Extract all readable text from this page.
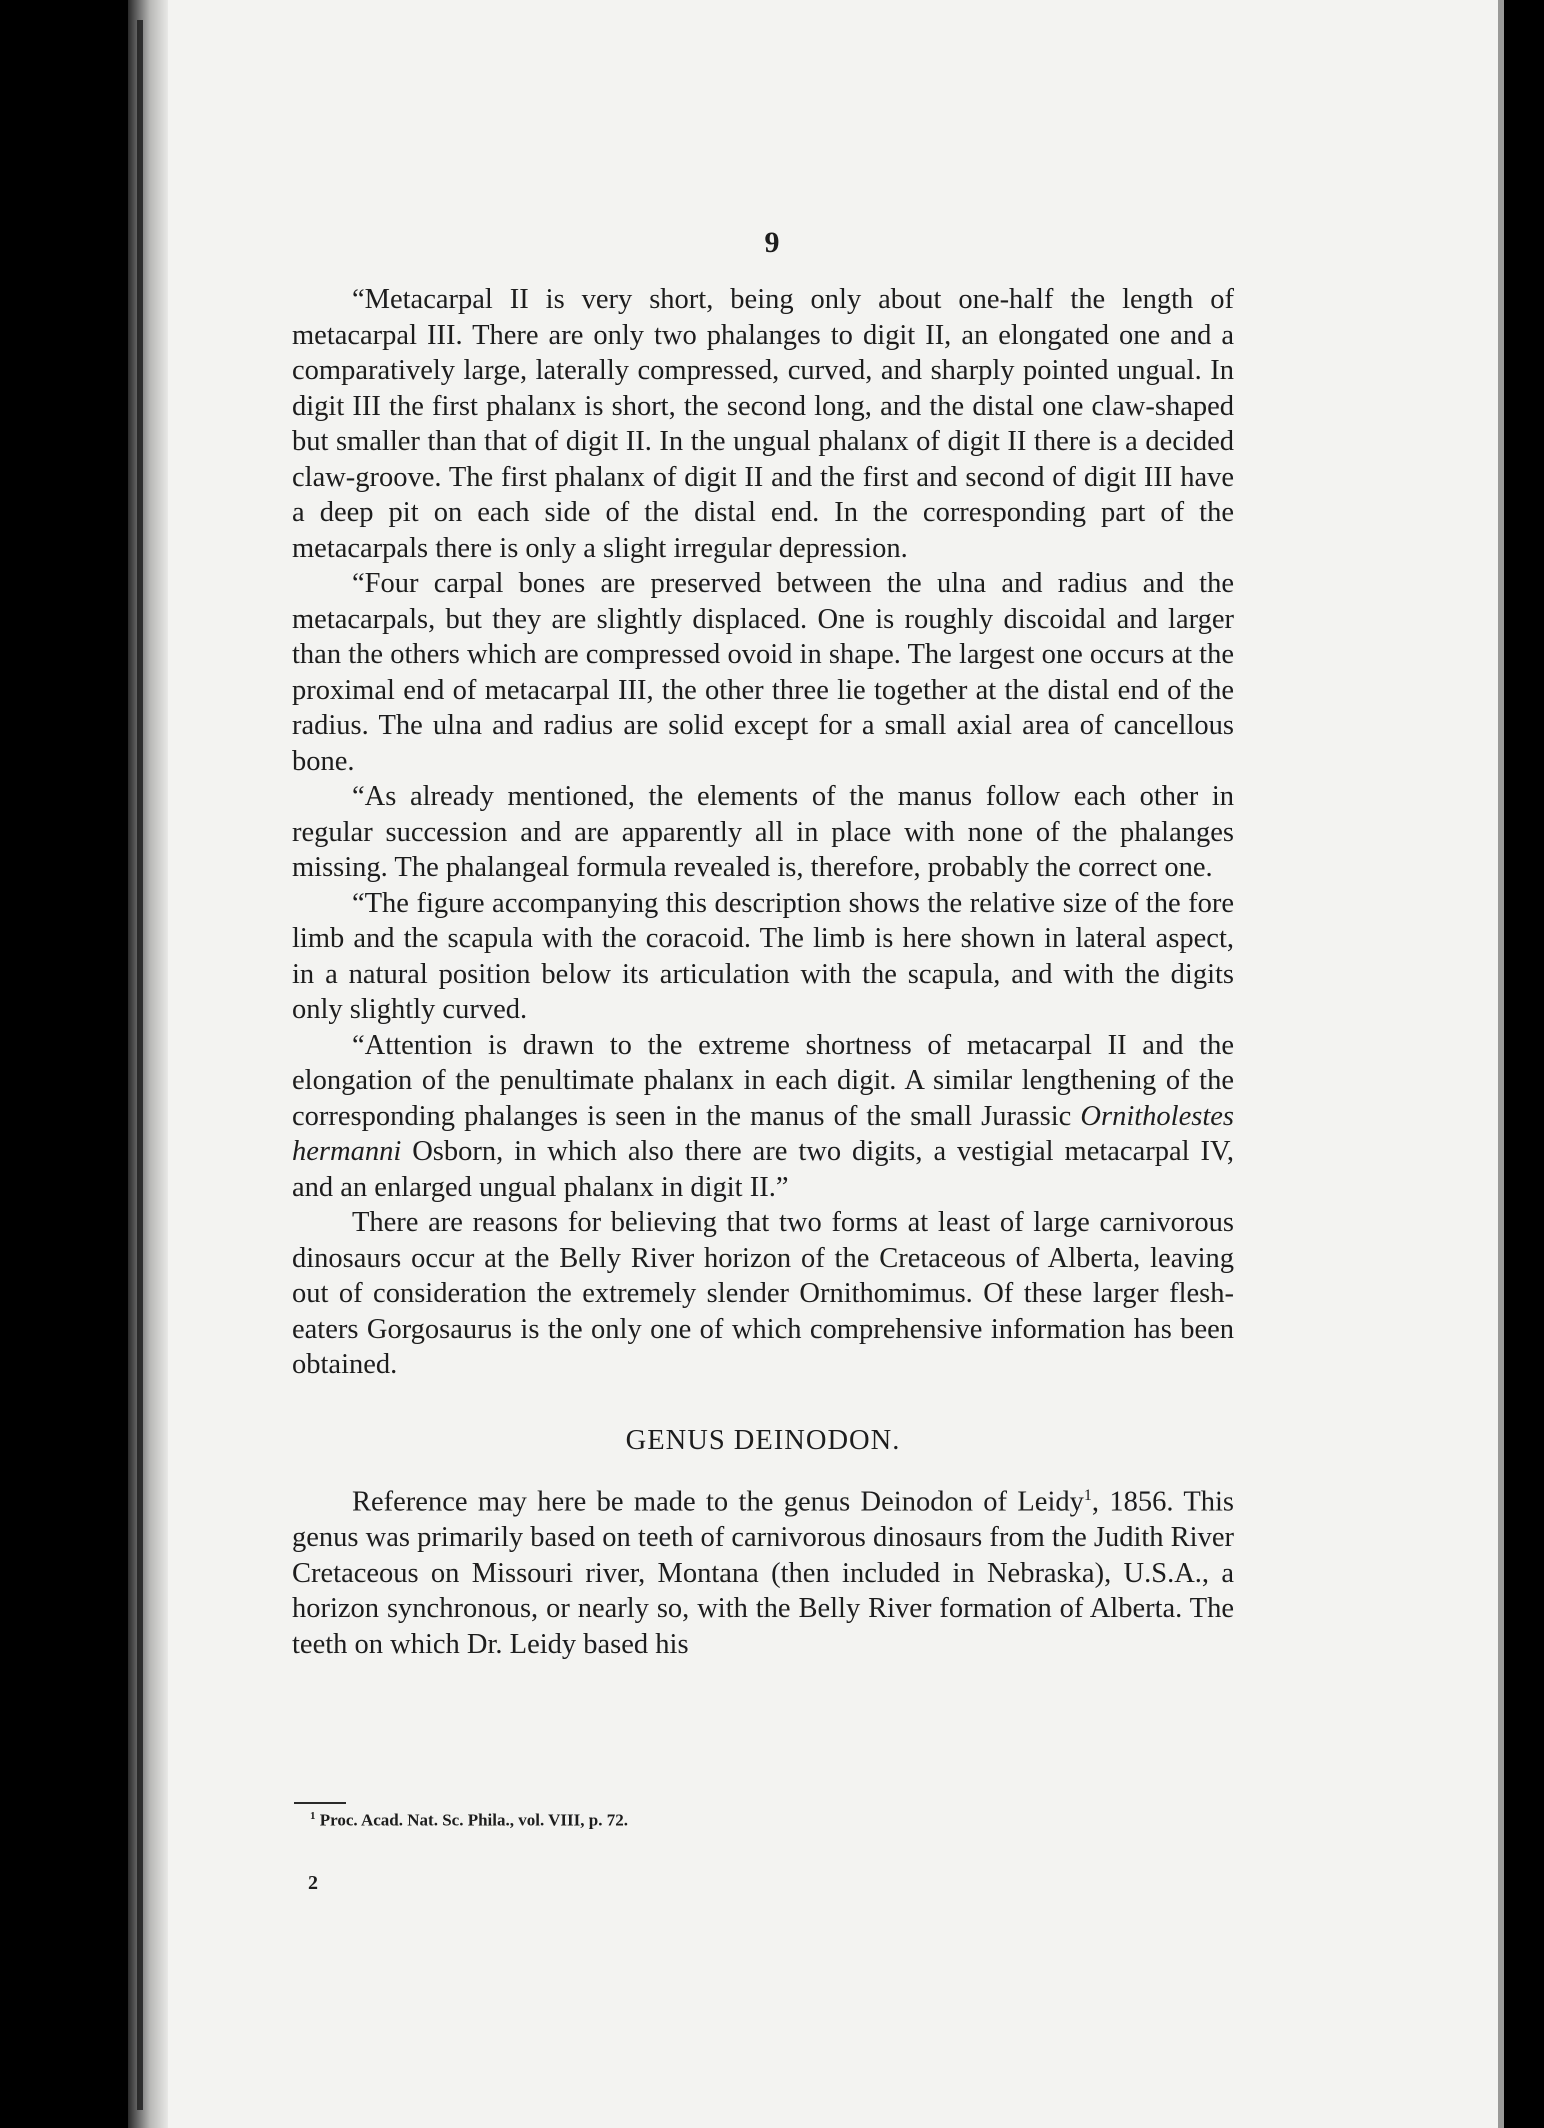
9

“Metacarpal II is very short, being only about one-half the length of metacarpal III. There are only two phalanges to digit II, an elongated one and a comparatively large, laterally compressed, curved, and sharply pointed ungual. In digit III the first phalanx is short, the second long, and the distal one claw-shaped but smaller than that of digit II. In the ungual phalanx of digit II there is a decided claw-groove. The first phalanx of digit II and the first and second of digit III have a deep pit on each side of the distal end. In the corresponding part of the metacarpals there is only a slight irregular depression.

“Four carpal bones are preserved between the ulna and radius and the metacarpals, but they are slightly displaced. One is roughly discoidal and larger than the others which are compressed ovoid in shape. The largest one occurs at the proximal end of metacarpal III, the other three lie together at the distal end of the radius. The ulna and radius are solid except for a small axial area of cancellous bone.

“As already mentioned, the elements of the manus follow each other in regular succession and are apparently all in place with none of the phalanges missing. The phalangeal formula revealed is, therefore, probably the correct one.

“The figure accompanying this description shows the relative size of the fore limb and the scapula with the coracoid. The limb is here shown in lateral aspect, in a natural position below its articulation with the scapula, and with the digits only slightly curved.

“Attention is drawn to the extreme shortness of metacarpal II and the elongation of the penultimate phalanx in each digit. A similar lengthening of the corresponding phalanges is seen in the manus of the small Jurassic Ornitholestes hermanni Osborn, in which also there are two digits, a vestigial metacarpal IV, and an enlarged ungual phalanx in digit II.”

There are reasons for believing that two forms at least of large carnivorous dinosaurs occur at the Belly River horizon of the Cretaceous of Alberta, leaving out of consideration the extremely slender Ornithomimus. Of these larger flesh-eaters Gorgosaurus is the only one of which comprehensive information has been obtained.

GENUS DEINODON.

Reference may here be made to the genus Deinodon of Leidy$^1$, 1856. This genus was primarily based on teeth of carnivorous dinosaurs from the Judith River Cretaceous on Missouri river, Montana (then included in Nebraska), U.S.A., a horizon synchronous, or nearly so, with the Belly River formation of Alberta. The teeth on which Dr. Leidy based his

$^1$ Proc. Acad. Nat. Sc. Phila., vol. VIII, p. 72.
2
